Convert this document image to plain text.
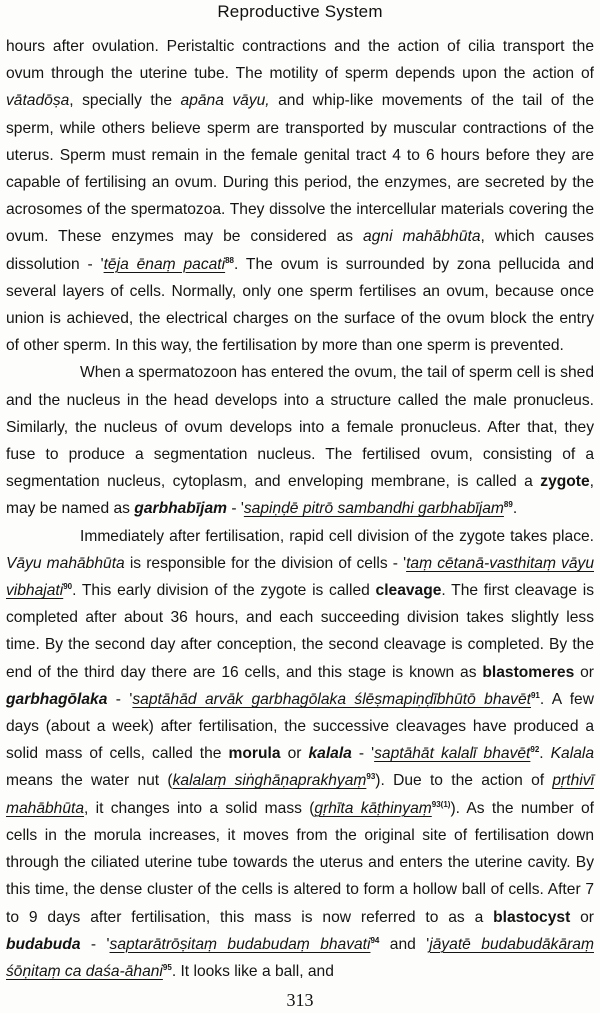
Reproductive System

hours after ovulation. Peristaltic contractions and the action of cilia transport the ovum through the uterine tube. The motility of sperm depends upon the action of vātadōṣa, specially the apāna vāyu, and whip-like movements of the tail of the sperm, while others believe sperm are transported by muscular contractions of the uterus. Sperm must remain in the female genital tract 4 to 6 hours before they are capable of fertilising an ovum. During this period, the enzymes, are secreted by the acrosomes of the spermatozoa. They dissolve the intercellular materials covering the ovum. These enzymes may be considered as agni mahābhūta, which causes dissolution - 'tēja ēnaṃ pacati$^{88}$. The ovum is surrounded by zona pellucida and several layers of cells. Normally, only one sperm fertilises an ovum, because once union is achieved, the electrical charges on the surface of the ovum block the entry of other sperm. In this way, the fertilisation by more than one sperm is prevented.

When a spermatozoon has entered the ovum, the tail of sperm cell is shed and the nucleus in the head develops into a structure called the male pronucleus. Similarly, the nucleus of ovum develops into a female pronucleus. After that, they fuse to produce a segmentation nucleus. The fertilised ovum, consisting of a segmentation nucleus, cytoplasm, and enveloping membrane, is called a zygote, may be named as garbhabījam - 'sapiṇḍē pitrō sambandhi garbhabījam$^{89}$.

Immediately after fertilisation, rapid cell division of the zygote takes place. Vāyu mahābhūta is responsible for the division of cells - 'taṃ cētanā-vasthitaṃ vāyu vibhajati$^{90}$. This early division of the zygote is called cleavage. The first cleavage is completed after about 36 hours, and each succeeding division takes slightly less time. By the second day after conception, the second cleavage is completed. By the end of the third day there are 16 cells, and this stage is known as blastomeres or garbhagōlaka - 'saptāhād arvāk garbhagōlaka ślēṣmapiṇḍībhūtō bhavēt$^{91}$. A few days (about a week) after fertilisation, the successive cleavages have produced a solid mass of cells, called the morula or kalala - 'saptāhāt kalalī bhavēt$^{92}$. Kalala means the water nut (kalalaṃ siṅghāṇaprakhyaṃ$^{93}$). Due to the action of pṛthivī mahābhūta, it changes into a solid mass (gṛhīta kāṭhinyaṃ$^{93(1)}$). As the number of cells in the morula increases, it moves from the original site of fertilisation down through the ciliated uterine tube towards the uterus and enters the uterine cavity. By this time, the dense cluster of the cells is altered to form a hollow ball of cells. After 7 to 9 days after fertilisation, this mass is now referred to as a blastocyst or budabuda - 'saptarātrōṣitaṃ budabudaṃ bhavati$^{94}$ and 'jāyatē budabudākāraṃ śōṇitaṃ ca daśa-āhani$^{95}$. It looks like a ball, and

313
